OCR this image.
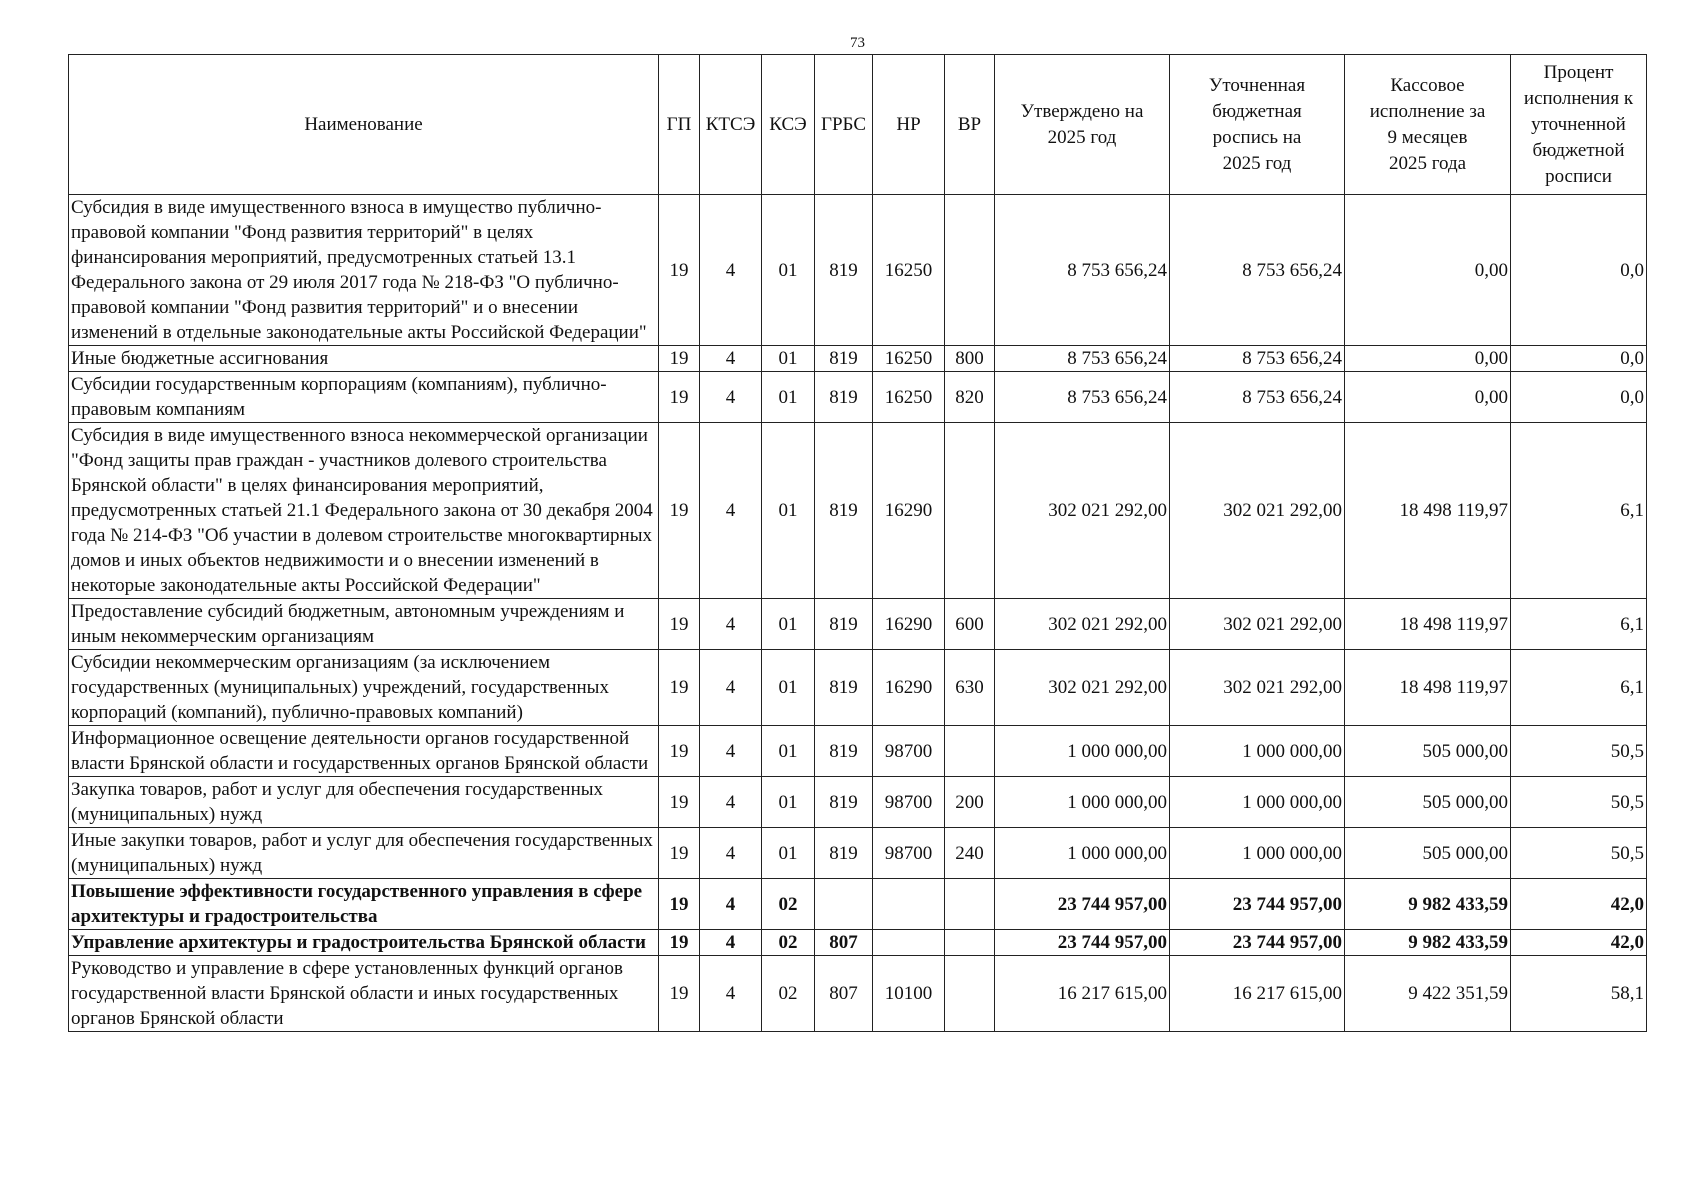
73
Наименование	ГП	КТСЭ	КСЭ	ГРБС	НР	ВР	Утверждено на 2025 год	Уточненная бюджетная роспись на 2025 год	Кассовое исполнение за 9 месяцев 2025 года	Процент исполнения к уточненной бюджетной росписи
Субсидия в виде имущественного взноса в имущество публично-правовой компании "Фонд развития территорий" в целях финансирования мероприятий, предусмотренных статьей 13.1 Федерального закона от 29 июля 2017 года № 218-ФЗ "О публично-правовой компании "Фонд развития территорий" и о внесении изменений в отдельные законодательные акты Российской Федерации"	19	4	01	819	16250		8 753 656,24	8 753 656,24	0,00	0,0
Иные бюджетные ассигнования	19	4	01	819	16250	800	8 753 656,24	8 753 656,24	0,00	0,0
Субсидии государственным корпорациям (компаниям), публично-правовым компаниям	19	4	01	819	16250	820	8 753 656,24	8 753 656,24	0,00	0,0
Субсидия в виде имущественного взноса некоммерческой организации "Фонд защиты прав граждан - участников долевого строительства Брянской области" в целях финансирования мероприятий, предусмотренных статьей 21.1 Федерального закона от 30 декабря 2004 года № 214-ФЗ "Об участии в долевом строительстве многоквартирных домов и иных объектов недвижимости и о внесении изменений в некоторые законодательные акты Российской Федерации"	19	4	01	819	16290		302 021 292,00	302 021 292,00	18 498 119,97	6,1
Предоставление субсидий бюджетным, автономным учреждениям и иным некоммерческим организациям	19	4	01	819	16290	600	302 021 292,00	302 021 292,00	18 498 119,97	6,1
Субсидии некоммерческим организациям (за исключением государственных (муниципальных) учреждений, государственных корпораций (компаний), публично-правовых компаний)	19	4	01	819	16290	630	302 021 292,00	302 021 292,00	18 498 119,97	6,1
Информационное освещение деятельности органов государственной власти Брянской области и государственных органов Брянской области	19	4	01	819	98700		1 000 000,00	1 000 000,00	505 000,00	50,5
Закупка товаров, работ и услуг для обеспечения государственных (муниципальных) нужд	19	4	01	819	98700	200	1 000 000,00	1 000 000,00	505 000,00	50,5
Иные закупки товаров, работ и услуг для обеспечения государственных (муниципальных) нужд	19	4	01	819	98700	240	1 000 000,00	1 000 000,00	505 000,00	50,5
Повышение эффективности государственного управления в сфере архитектуры и градостроительства	19	4	02				23 744 957,00	23 744 957,00	9 982 433,59	42,0
Управление архитектуры и градостроительства Брянской области	19	4	02	807			23 744 957,00	23 744 957,00	9 982 433,59	42,0
Руководство и управление в сфере установленных функций органов государственной власти Брянской области и иных государственных органов Брянской области	19	4	02	807	10100		16 217 615,00	16 217 615,00	9 422 351,59	58,1
